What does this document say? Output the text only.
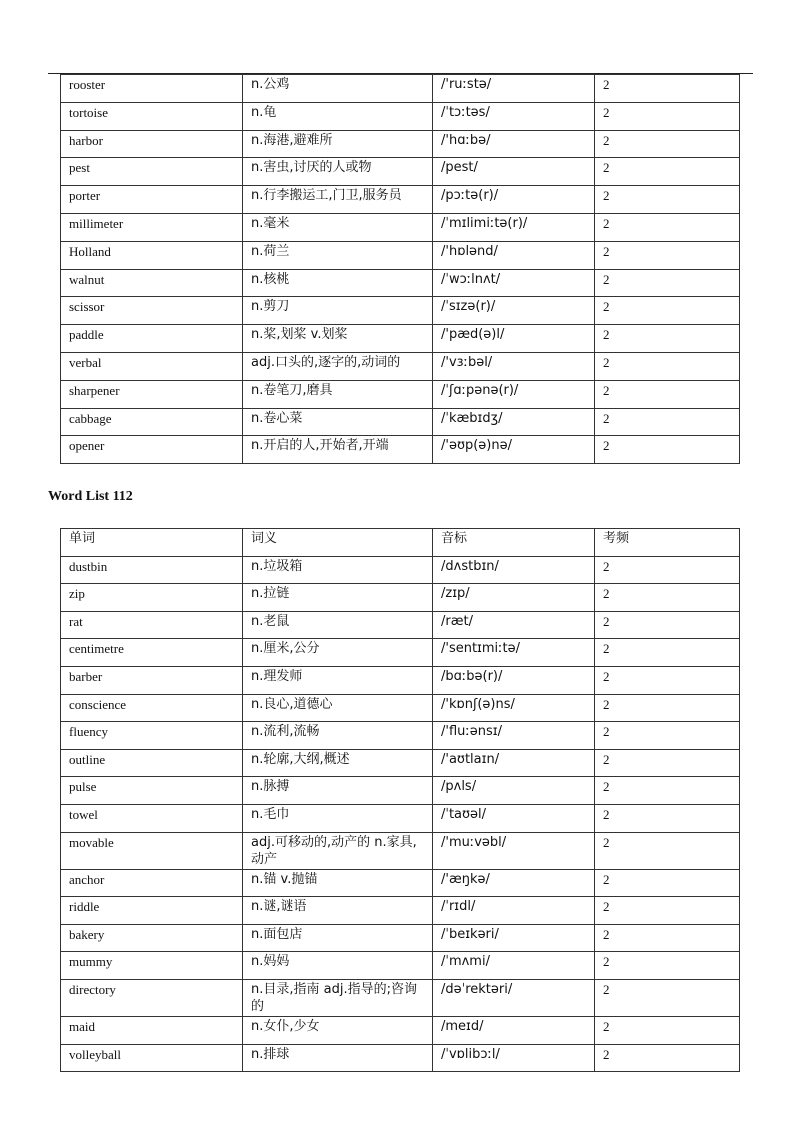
rooster	n.公鸡	/'ruːstə/	2
tortoise	n.龟	/ˈtɔːtəs/	2
harbor	n.海港,避难所	/'hɑːbə/	2
pest	n.害虫,讨厌的人或物	/pest/	2
porter	n.行李搬运工,门卫,服务员	/pɔːtə(r)/	2
millimeter	n.毫米	/ˈmɪlimiːtə(r)/	2
Holland	n.荷兰	/'hɒlənd/	2
walnut	n.核桃	/ˈwɔːlnʌt/	2
scissor	n.剪刀	/ˈsɪzə(r)/	2
paddle	n.桨,划桨 v.划桨	/'pæd(ə)l/	2
verbal	adj.口头的,逐字的,动词的	/'vɜːbəl/	2
sharpener	n.卷笔刀,磨具	/ˈʃɑːpənə(r)/	2
cabbage	n.卷心菜	/ˈkæbɪdʒ/	2
opener	n.开启的人,开始者,开端	/'əʊp(ə)nə/	2
Word List 112
单词	词义	音标	考频
dustbin	n.垃圾箱	/dʌstbɪn/	2
zip	n.拉链	/zɪp/	2
rat	n.老鼠	/ræt/	2
centimetre	n.厘米,公分	/'sentɪmiːtə/	2
barber	n.理发师	/bɑːbə(r)/	2
conscience	n.良心,道德心	/'kɒnʃ(ə)ns/	2
fluency	n.流利,流畅	/'fluːənsɪ/	2
outline	n.轮廓,大纲,概述	/'aʊtlaɪn/	2
pulse	n.脉搏	/pʌls/	2
towel	n.毛巾	/ˈtaʊəl/	2
movable	adj.可移动的,动产的 n.家具,动产	/'muːvəbl/	2
anchor	n.锚 v.抛锚	/'æŋkə/	2
riddle	n.谜,谜语	/ˈrɪdl/	2
bakery	n.面包店	/ˈbeɪkəri/	2
mummy	n.妈妈	/ˈmʌmi/	2
directory	n.目录,指南 adj.指导的;咨询的	/dəˈrektəri/	2
maid	n.女仆,少女	/meɪd/	2
volleyball	n.排球	/ˈvɒlibɔːl/	2
